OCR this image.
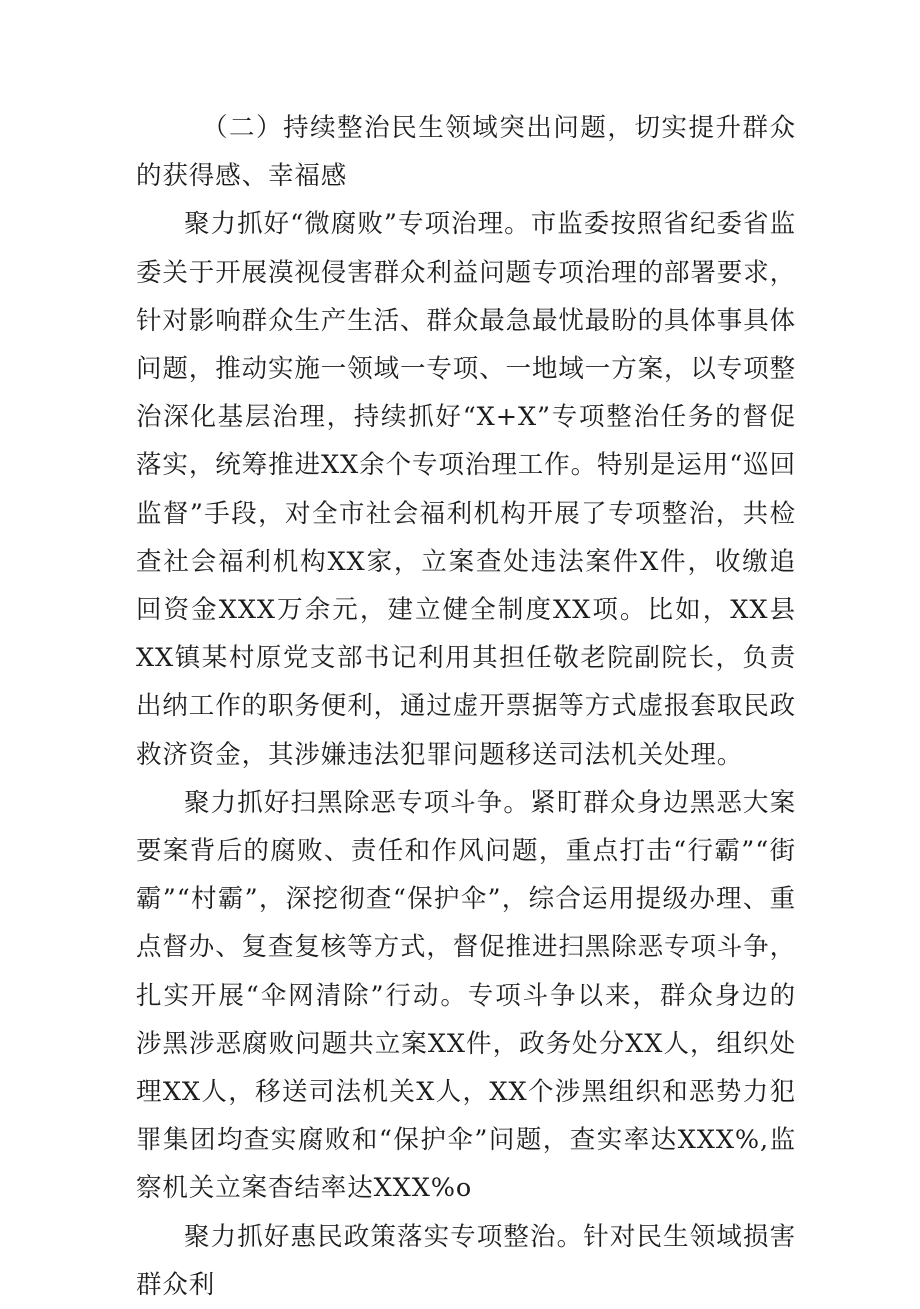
（二）持续整治民生领域突出问题，切实提升群众的获得感、幸福感

聚力抓好“微腐败”专项治理。市监委按照省纪委省监委关于开展漠视侵害群众利益问题专项治理的部署要求，针对影响群众生产生活、群众最急最忧最盼的具体事具体问题，推动实施一领域一专项、一地域一方案，以专项整治深化基层治理，持续抓好“X+X”专项整治任务的督促落实，统筹推进XX余个专项治理工作。特别是运用“巡回监督”手段，对全市社会福利机构开展了专项整治，共检查社会福利机构XX家，立案查处违法案件X件，收缴追回资金XXX万余元，建立健全制度XX项。比如，XX县XX镇某村原党支部书记利用其担任敬老院副院长，负责出纳工作的职务便利，通过虚开票据等方式虚报套取民政救济资金，其涉嫌违法犯罪问题移送司法机关处理。

聚力抓好扫黑除恶专项斗争。紧盯群众身边黑恶大案要案背后的腐败、责任和作风问题，重点打击“行霸”“街霸”“村霸”，深挖彻查“保护伞”，综合运用提级办理、重点督办、复查复核等方式，督促推进扫黑除恶专项斗争，扎实开展“伞网清除”行动。专项斗争以来，群众身边的涉黑涉恶腐败问题共立案XX件，政务处分XX人，组织处理XX人，移送司法机关X人，XX个涉黑组织和恶势力犯罪集团均查实腐败和“保护伞”问题，查实率达XXX%,监察机关立案杳结率达XXX%o

聚力抓好惠民政策落实专项整治。针对民生领域损害群众利
